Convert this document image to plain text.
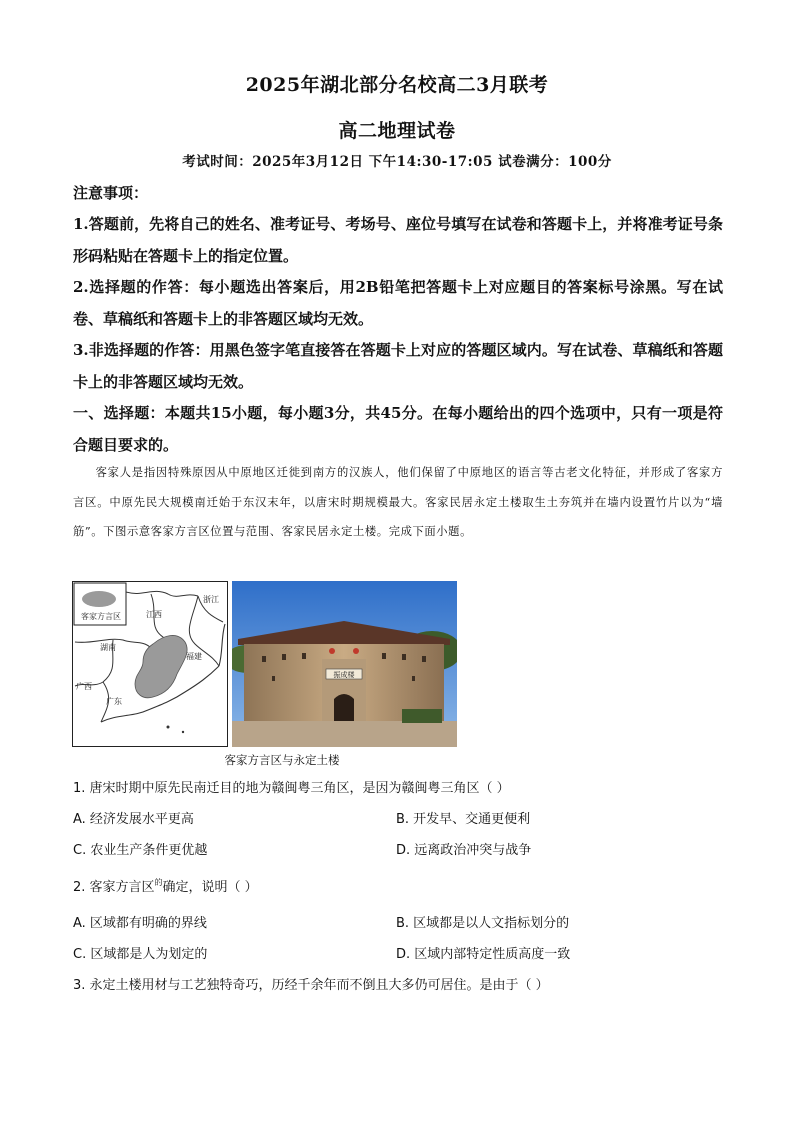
2025年湖北部分名校高二3月联考
高二地理试卷
考试时间：2025年3月12日 下午14:30-17:05 试卷满分：100分
注意事项：
1.答题前，先将自己的姓名、准考证号、考场号、座位号填写在试卷和答题卡上，并将准考证号条形码粘贴在答题卡上的指定位置。
2.选择题的作答：每小题选出答案后，用2B铅笔把答题卡上对应题目的答案标号涂黑。写在试卷、草稿纸和答题卡上的非答题区域均无效。
3.非选择题的作答：用黑色签字笔直接答在答题卡上对应的答题区域内。写在试卷、草稿纸和答题卡上的非答题区域均无效。
一、选择题：本题共15小题，每小题3分，共45分。在每小题给出的四个选项中，只有一项是符合题目要求的。
客家人是指因特殊原因从中原地区迁徙到南方的汉族人，他们保留了中原地区的语言等古老文化特征，并形成了客家方言区。中原先民大规模南迁始于东汉末年，以唐宋时期规模最大。客家民居永定土楼取生土夯筑并在墙内设置竹片以为“墙筋”。下图示意客家方言区位置与范围、客家民居永定土楼。完成下面小题。
客家方言区	江西
浙江
湖南
福建
广西
广东
振成楼
客家方言区与永定土楼
1. 唐宋时期中原先民南迁目的地为赣闽粤三角区，是因为赣闽粤三角区（ ）
A. 经济发展水平更高	B. 开发早、交通更便利
C. 农业生产条件更优越	D. 远离政治冲突与战争
2. 客家方言区$^的$确定，说明（ ）
A. 区域都有明确的界线	B. 区域都是以人文指标划分的
C. 区域都是人为划定的	D. 区域内部特定性质高度一致
3. 永定土楼用材与工艺独特奇巧，历经千余年而不倒且大多仍可居住。是由于（ ）
